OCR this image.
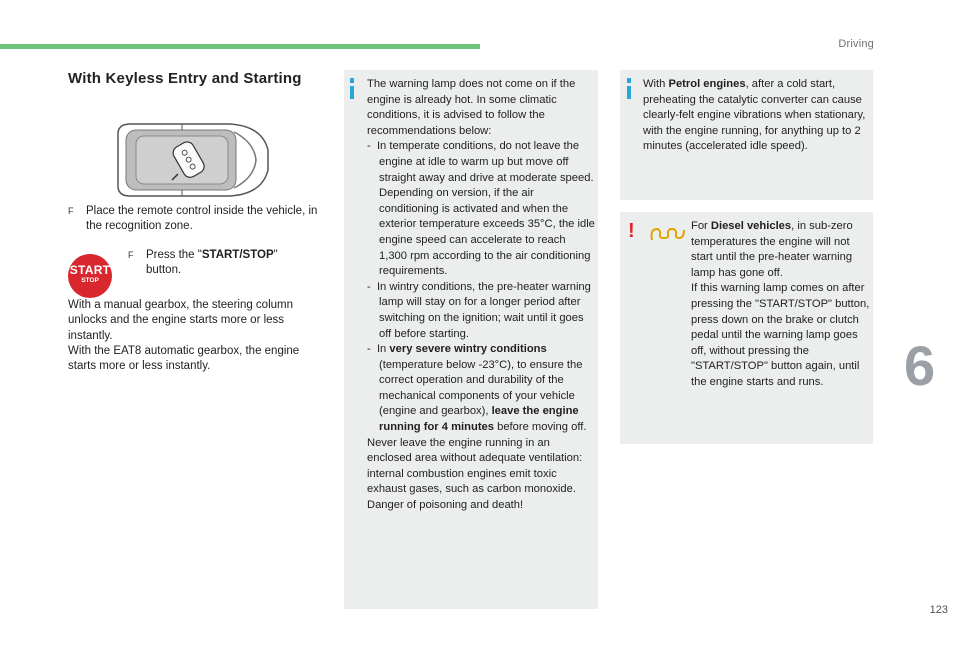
Driving
6
123
With Keyless Entry and Starting
F Place the remote control inside the vehicle, in the recognition zone.
START
STOP
F Press the "START/STOP" button.

With a manual gearbox, the steering column unlocks and the engine starts more or less instantly.

With the EAT8 automatic gearbox, the engine starts more or less instantly.

The warning lamp does not come on if the engine is already hot. In some climatic conditions, it is advised to follow the recommendations below:

- In temperate conditions, do not leave the engine at idle to warm up but move off straight away and drive at moderate speed.

Depending on version, if the air conditioning is activated and when the exterior temperature exceeds 35°C, the idle engine speed can accelerate to reach 1,300 rpm according to the air conditioning requirements.

- In wintry conditions, the pre-heater warning lamp will stay on for a longer period after switching on the ignition; wait until it goes off before starting.

- In very severe wintry conditions (temperature below -23°C), to ensure the correct operation and durability of the mechanical components of your vehicle (engine and gearbox), leave the engine running for 4 minutes before moving off.

Never leave the engine running in an enclosed area without adequate ventilation: internal combustion engines emit toxic exhaust gases, such as carbon monoxide. Danger of poisoning and death!

With Petrol engines, after a cold start, preheating the catalytic converter can cause clearly-felt engine vibrations when stationary, with the engine running, for anything up to 2 minutes (accelerated idle speed).

!	For Diesel vehicles, in sub-zero temperatures the engine will not start until the pre-heater warning lamp has gone off.

If this warning lamp comes on after pressing the "START/STOP" button, press down on the brake or clutch pedal until the warning lamp goes off, without pressing the "START/STOP" button again, until the engine starts and runs.
